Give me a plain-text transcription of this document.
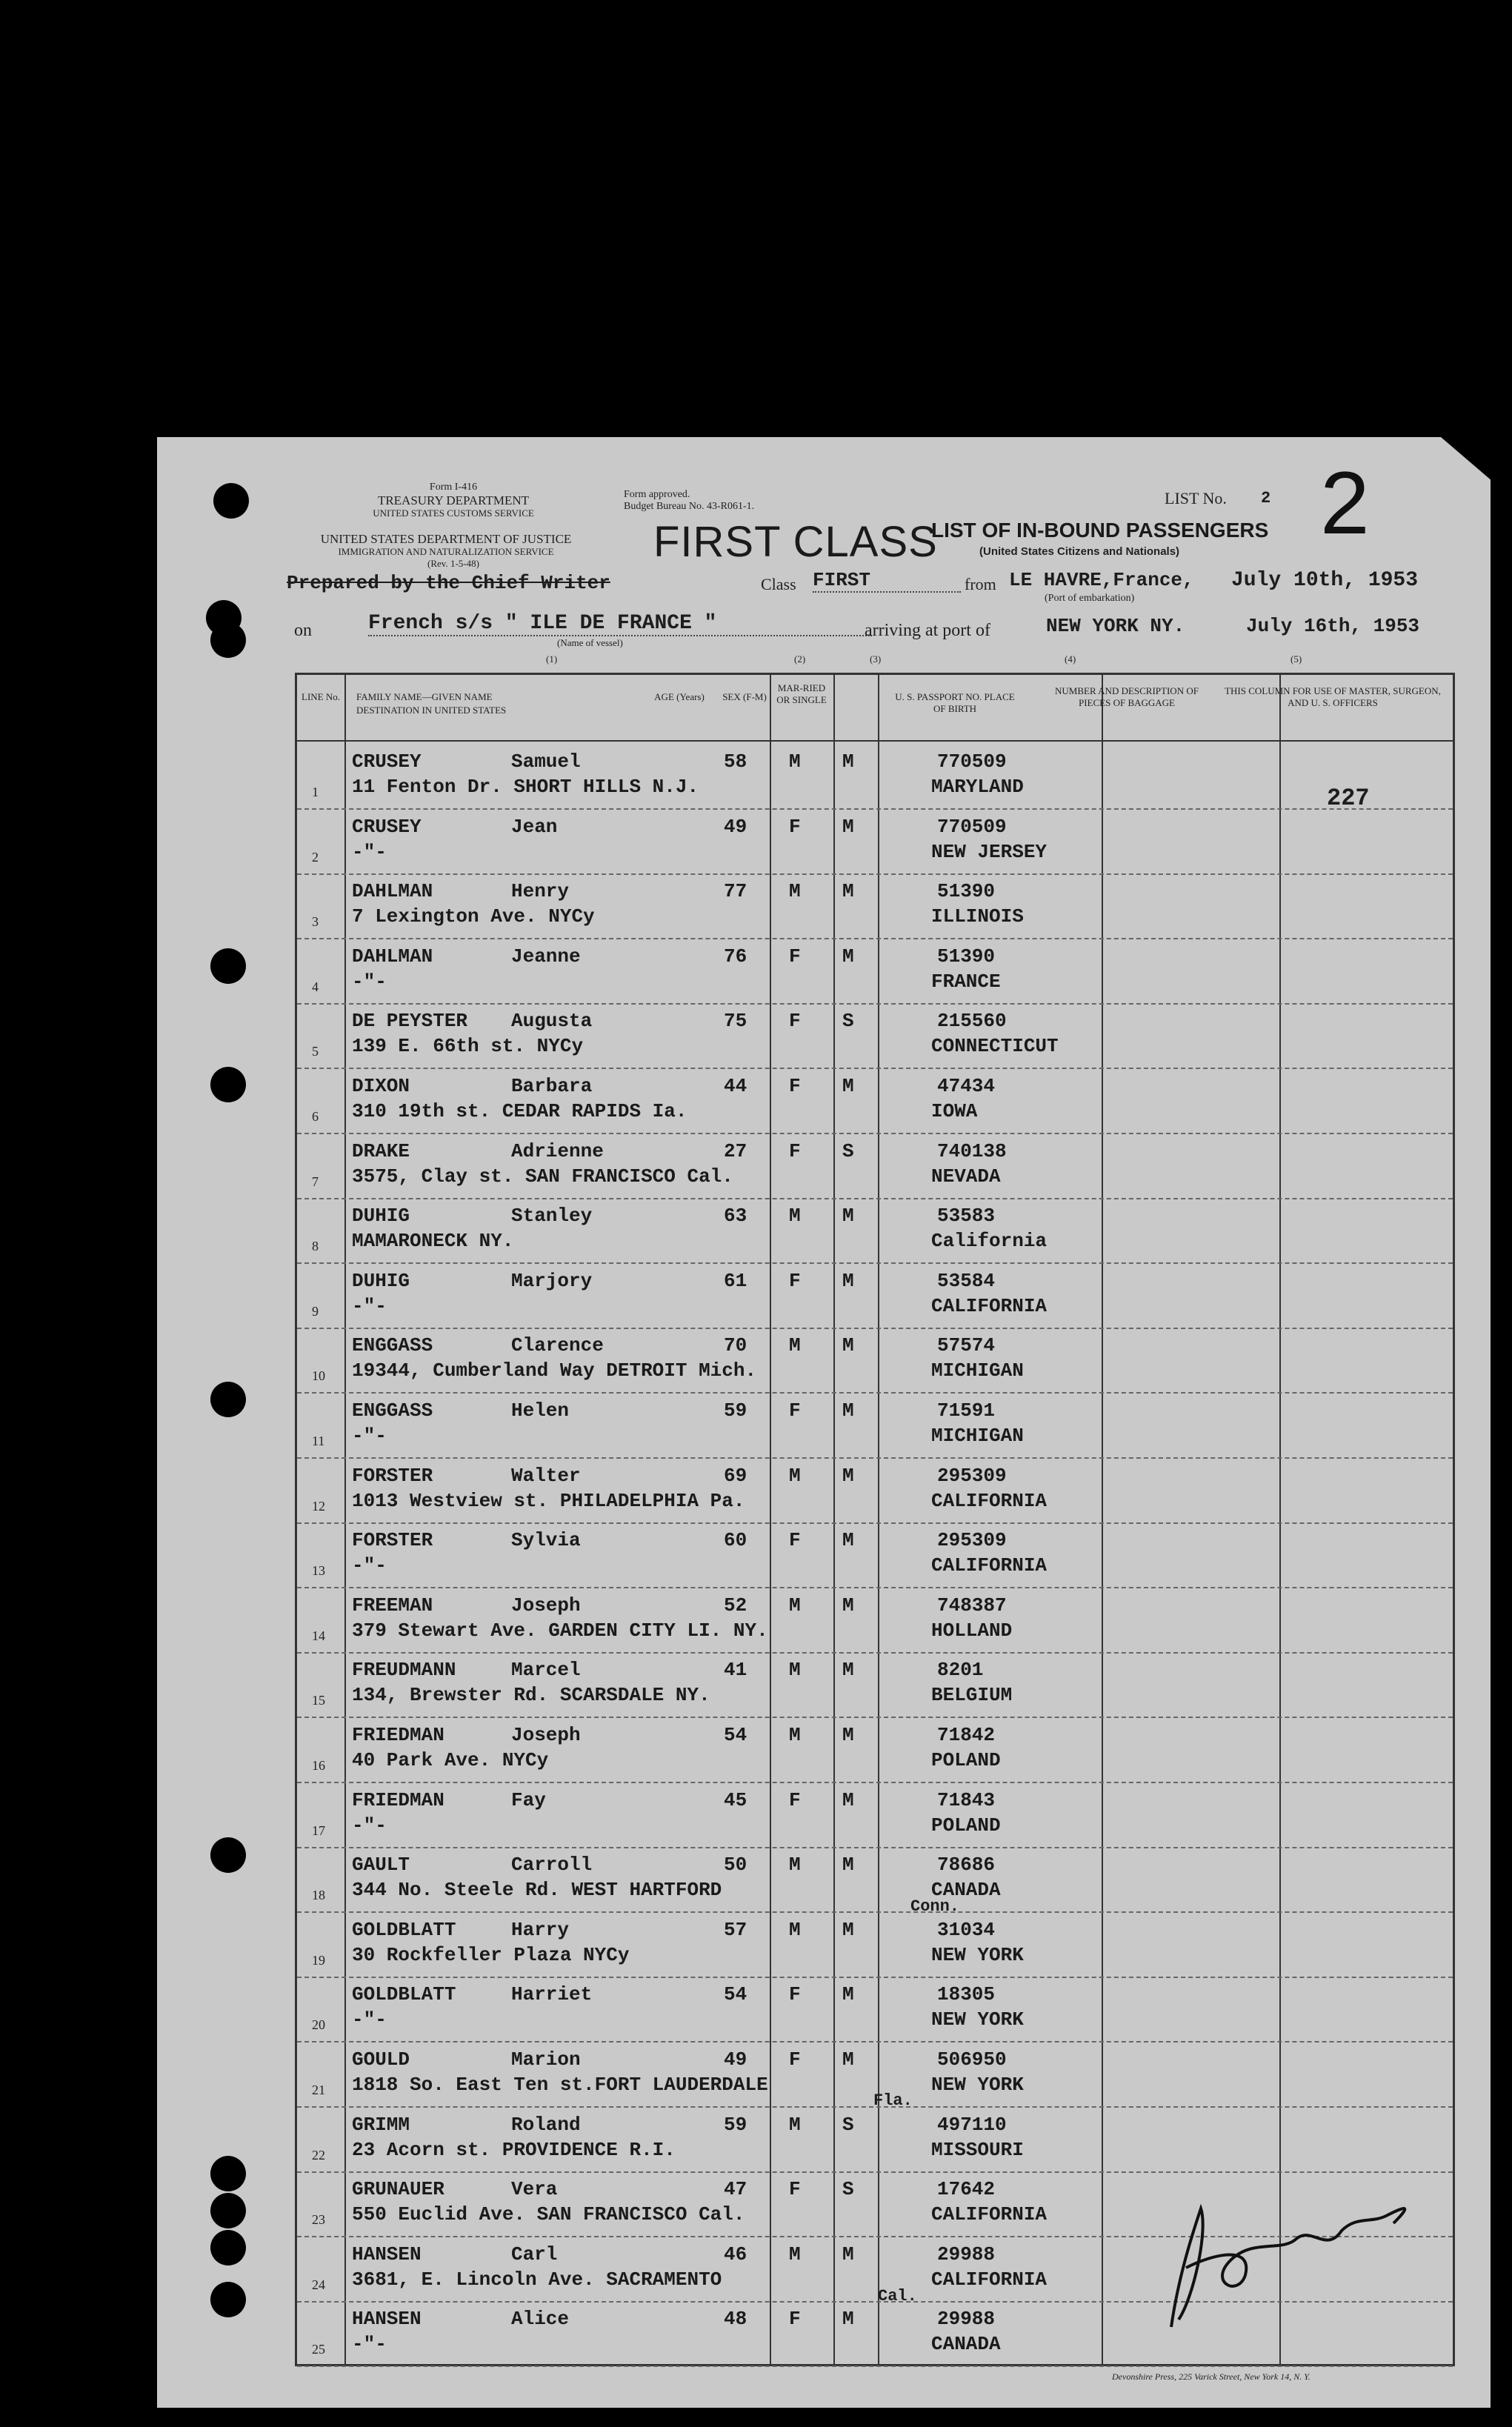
Form I-416
TREASURY DEPARTMENT
UNITED STATES CUSTOMS SERVICE
UNITED STATES DEPARTMENT OF JUSTICE
IMMIGRATION AND NATURALIZATION SERVICE
(Rev. 1-5-48)
Form approved.
Budget Bureau No. 43-R061-1.
FIRST CLASS
LIST OF IN-BOUND PASSENGERS
(United States Citizens and Nationals)
LIST No. 2 2
Prepared by the Chief Writer	Class FIRST	from LE HAVRE,France, July 10th, 1953
(Port of embarkation)
on	French s/s " ILE DE FRANCE "
(Name of vessel)
arriving at port of	NEW YORK NY.	July 16th, 1953
(1)	(2)	(3)	(4)	(5)
LINE No.	FAMILY NAME—GIVEN NAME
DESTINATION IN UNITED STATES
AGE (Years)	SEX (F-M)
MAR-RIED OR SINGLE	U. S. PASSPORT NO. PLACE OF BIRTH
NUMBER AND DESCRIPTION OF PIECES OF BAGGAGE
THIS COLUMN FOR USE OF MASTER, SURGEON, AND U. S. OFFICERS
1
CRUSEY	Samuel	58 M M	770509
11 Fenton Dr. SHORT HILLS N.J.	MARYLAND
2
CRUSEY	Jean	49 F M	770509
-"-	NEW JERSEY
3
DAHLMAN	Henry	77 M M	51390
7 Lexington Ave. NYCy	ILLINOIS
4
DAHLMAN	Jeanne	76 F M	51390
-"-	FRANCE
5
DE PEYSTER Augusta	75 F S	215560
139 E. 66th st. NYCy	CONNECTICUT
6
DIXON	Barbara	44 F M	47434
310 19th st. CEDAR RAPIDS Ia.	IOWA
7
DRAKE	Adrienne	27 F S	740138
3575, Clay st. SAN FRANCISCO Cal.	NEVADA
8
DUHIG	Stanley	63 M M	53583
MAMARONECK NY.	California
9
DUHIG	Marjory	61 F M	53584
-"-	CALIFORNIA
10
ENGGASS	Clarence	70 M M	57574
19344, Cumberland Way DETROIT Mich.	MICHIGAN
11
ENGGASS	Helen	59 F M	71591
-"-	MICHIGAN
12
FORSTER	Walter	69 M M	295309
1013 Westview st. PHILADELPHIA Pa.	CALIFORNIA
13
FORSTER	Sylvia	60 F M	295309
-"-	CALIFORNIA
14
FREEMAN	Joseph	52 M M	748387
379 Stewart Ave. GARDEN CITY LI. NY.	HOLLAND
15
FREUDMANN	Marcel	41 M M	8201
134, Brewster Rd. SCARSDALE NY.	BELGIUM
16
FRIEDMAN	Joseph	54 M M	71842
40 Park Ave. NYCy	POLAND
17
FRIEDMAN	Fay	45 F M	71843
-"-	POLAND
18
GAULT	Carroll	50 M M	78686
344 No. Steele Rd. WEST HARTFORD	CANADA
19
GOLDBLATT	Harry	57 M M	31034
30 Rockfeller Plaza NYCy	NEW YORK
20
GOLDBLATT	Harriet	54 F M	18305
-"-	NEW YORK
21
GOULD	Marion	49 F M	506950
1818 So. East Ten st.FORT LAUDERDALE	NEW YORK
22
GRIMM	Roland	59 M S	497110
23 Acorn st. PROVIDENCE R.I.	MISSOURI
23
GRUNAUER	Vera	47 F S	17642
550 Euclid Ave. SAN FRANCISCO Cal.	CALIFORNIA
24
HANSEN	Carl	46 M M	29988
3681, E. Lincoln Ave. SACRAMENTO	CALIFORNIA
25
HANSEN	Alice	48 F M	29988
-"-	CANADA
227
Conn.
Fla.
Cal.
Devonshire Press, 225 Varick Street, New York 14, N. Y.
